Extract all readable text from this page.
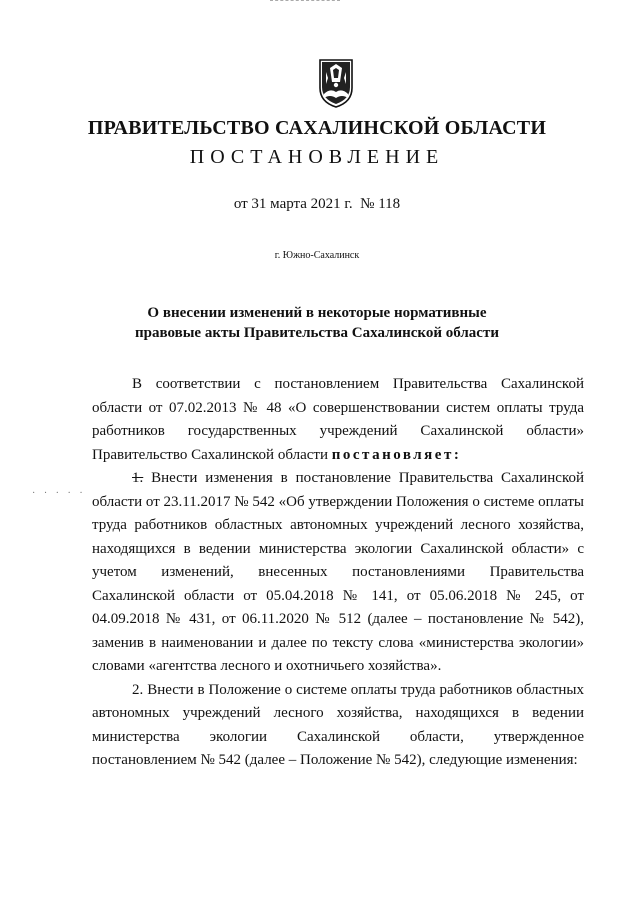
ПРАВИТЕЛЬСТВО САХАЛИНСКОЙ ОБЛАСТИ
ПОСТАНОВЛЕНИЕ
от 31 марта 2021 г.  № 118
г. Южно-Сахалинск
О внесении изменений в некоторые нормативные
правовые акты Правительства Сахалинской области
· · · · ·

В соответствии с постановлением Правительства Сахалинской области от 07.02.2013 № 48 «О совершенствовании систем оплаты труда работников государственных учреждений Сахалинской области» Правительство Сахалинской области постановляет:

1. Внести изменения в постановление Правительства Сахалинской области от 23.11.2017 № 542 «Об утверждении Положения о системе оплаты труда работников областных автономных учреждений лесного хозяйства, находящихся в ведении министерства экологии Сахалинской области» с учетом изменений, внесенных постановлениями Правительства Сахалинской области от 05.04.2018 № 141, от 05.06.2018 № 245, от 04.09.2018 № 431, от 06.11.2020 № 512 (далее – постановление № 542), заменив в наименовании и далее по тексту слова «министерства экологии» словами «агентства лесного и охотничьего хозяйства».

2. Внести в Положение о системе оплаты труда работников областных автономных учреждений лесного хозяйства, находящихся в ведении министерства экологии Сахалинской области, утвержденное постановлением № 542 (далее – Положение № 542), следующие изменения:
